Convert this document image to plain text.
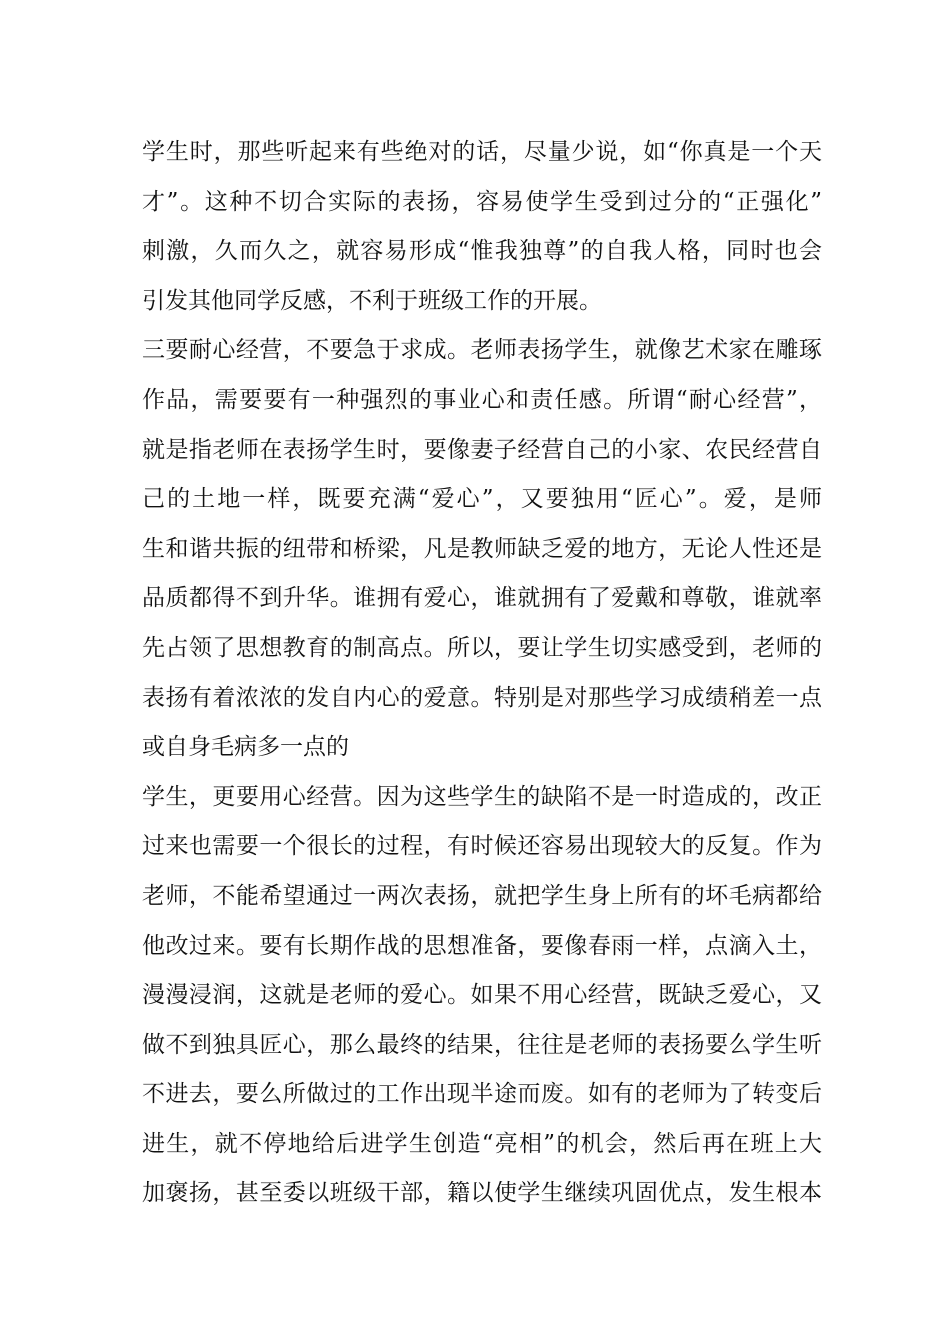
学生时，那些听起来有些绝对的话，尽量少说，如“你真是一个天
才”。这种不切合实际的表扬，容易使学生受到过分的“正强化”
刺激，久而久之，就容易形成“惟我独尊”的自我人格，同时也会
引发其他同学反感，不利于班级工作的开展。
三要耐心经营，不要急于求成。老师表扬学生，就像艺术家在雕琢
作品，需要要有一种强烈的事业心和责任感。所谓“耐心经营”，
就是指老师在表扬学生时，要像妻子经营自己的小家、农民经营自
己的土地一样，既要充满“爱心”，又要独用“匠心”。爱，是师
生和谐共振的纽带和桥梁，凡是教师缺乏爱的地方，无论人性还是
品质都得不到升华。谁拥有爱心，谁就拥有了爱戴和尊敬，谁就率
先占领了思想教育的制高点。所以，要让学生切实感受到，老师的
表扬有着浓浓的发自内心的爱意。特别是对那些学习成绩稍差一点
或自身毛病多一点的
学生，更要用心经营。因为这些学生的缺陷不是一时造成的，改正
过来也需要一个很长的过程，有时候还容易出现较大的反复。作为
老师，不能希望通过一两次表扬，就把学生身上所有的坏毛病都给
他改过来。要有长期作战的思想准备，要像春雨一样，点滴入土，
漫漫浸润，这就是老师的爱心。如果不用心经营，既缺乏爱心，又
做不到独具匠心，那么最终的结果，往往是老师的表扬要么学生听
不进去，要么所做过的工作出现半途而废。如有的老师为了转变后
进生，就不停地给后进学生创造“亮相”的机会，然后再在班上大
加褒扬，甚至委以班级干部，籍以使学生继续巩固优点，发生根本
